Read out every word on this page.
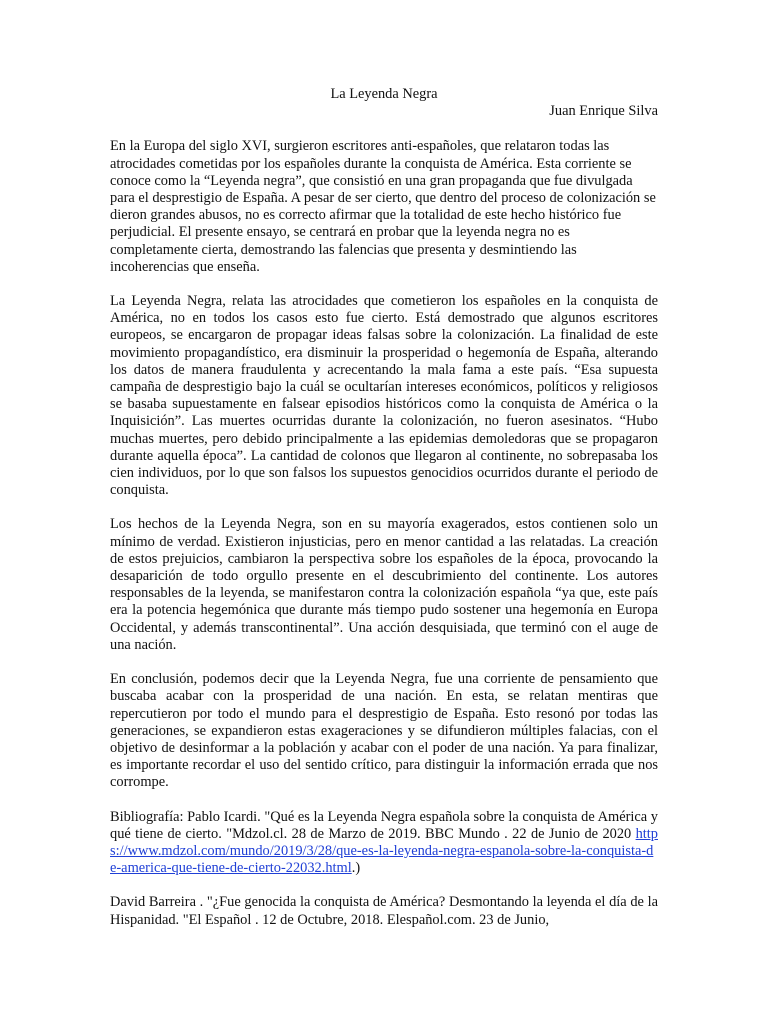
La Leyenda Negra

Juan Enrique Silva

En la Europa del siglo XVI, surgieron escritores anti-españoles, que relataron todas las atrocidades cometidas por los españoles durante la conquista de América. Esta corriente se conoce como la “Leyenda negra”, que consistió en una gran propaganda que fue divulgada para el desprestigio de España. A pesar de ser cierto, que dentro del proceso de colonización se dieron grandes abusos, no es correcto afirmar que la totalidad de este hecho histórico fue perjudicial. El presente ensayo, se centrará en probar que la leyenda negra no es completamente cierta, demostrando las falencias que presenta y desmintiendo las incoherencias que enseña.

La Leyenda Negra, relata las atrocidades que cometieron los españoles en la conquista de América, no en todos los casos esto fue cierto. Está demostrado que algunos escritores europeos, se encargaron de propagar ideas falsas sobre la colonización. La finalidad de este movimiento propagandístico, era disminuir la prosperidad o hegemonía de España, alterando los datos de manera fraudulenta y acrecentando la mala fama a este país. “Esa supuesta campaña de desprestigio bajo la cuál se ocultarían intereses económicos, políticos y religiosos se basaba supuestamente en falsear episodios históricos como la conquista de América o la Inquisición”. Las muertes ocurridas durante la colonización, no fueron asesinatos. “Hubo muchas muertes, pero debido principalmente a las epidemias demoledoras que se propagaron durante aquella época”. La cantidad de colonos que llegaron al continente, no sobrepasaba los cien individuos, por lo que son falsos los supuestos genocidios ocurridos durante el periodo de conquista.

Los hechos de la Leyenda Negra, son en su mayoría exagerados, estos contienen solo un mínimo de verdad. Existieron injusticias, pero en menor cantidad a las relatadas. La creación de estos prejuicios, cambiaron la perspectiva sobre los españoles de la época, provocando la desaparición de todo orgullo presente en el descubrimiento del continente. Los autores responsables de la leyenda, se manifestaron contra la colonización española “ya que, este país era la potencia hegemónica que durante más tiempo pudo sostener una hegemonía en Europa Occidental, y además transcontinental”. Una acción desquisiada, que terminó con el auge de una nación.

En conclusión, podemos decir que la Leyenda Negra, fue una corriente de pensamiento que buscaba acabar con la prosperidad de una nación. En esta, se relatan mentiras que repercutieron por todo el mundo para el desprestigio de España. Esto resonó por todas las generaciones, se expandieron estas exageraciones y se difundieron múltiples falacias, con el objetivo de desinformar a la población y acabar con el poder de una nación. Ya para finalizar, es importante recordar el uso del sentido crítico, para distinguir la información errada que nos corrompe.

Bibliografía: Pablo Icardi. "Qué es la Leyenda Negra española sobre la conquista de América y qué tiene de cierto. "Mdzol.cl. 28 de Marzo de 2019. BBC Mundo . 22 de Junio de 2020 https://www.mdzol.com/mundo/2019/3/28/que-es-la-leyenda-negra-espanola-sobre-la-conquista-de-america-que-tiene-de-cierto-22032.html.)

David Barreira . "¿Fue genocida la conquista de América? Desmontando la leyenda el día de la Hispanidad. "El Español . 12 de Octubre, 2018. Elespañol.com. 23 de Junio,
